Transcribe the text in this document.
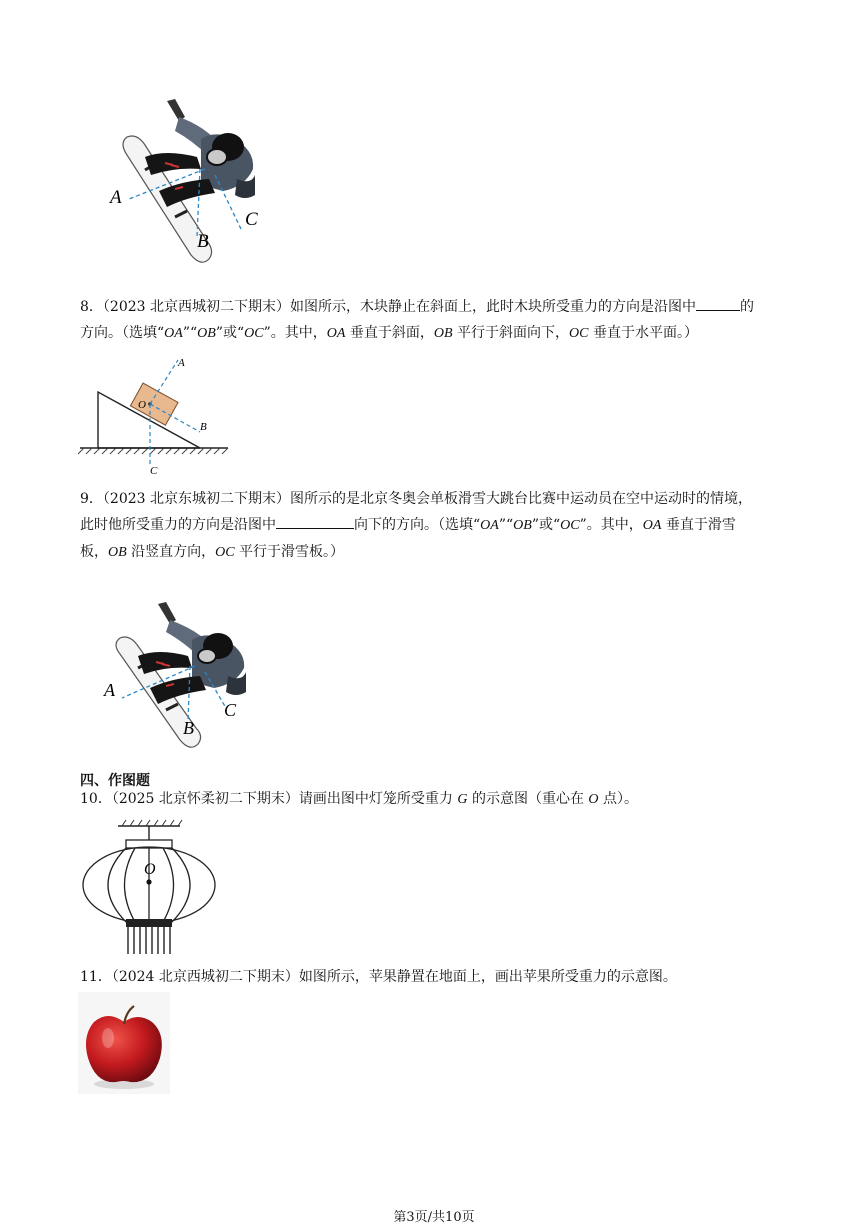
A
B
C
8．（2023 北京西城初二下期末）如图所示，木块静止在斜面上，此时木块所受重力的方向是沿图中	的
方向。（选填“OA”“OB”或“OC”。其中，OA 垂直于斜面，OB 平行于斜面向下，OC 垂直于水平面。）
O
A
B
C
9．（2023 北京东城初二下期末）图所示的是北京冬奥会单板滑雪大跳台比赛中运动员在空中运动时的情境，
此时他所受重力的方向是沿图中	向下的方向。（选填“OA”“OB”或“OC”。其中，OA 垂直于滑雪
板，OB 沿竖直方向，OC 平行于滑雪板。）
A
B
C
四、作图题
10．（2025 北京怀柔初二下期末）请画出图中灯笼所受重力 G 的示意图（重心在 O 点）。
O
11．（2024 北京西城初二下期末）如图所示，苹果静置在地面上，画出苹果所受重力的示意图。
第3页/共10页
